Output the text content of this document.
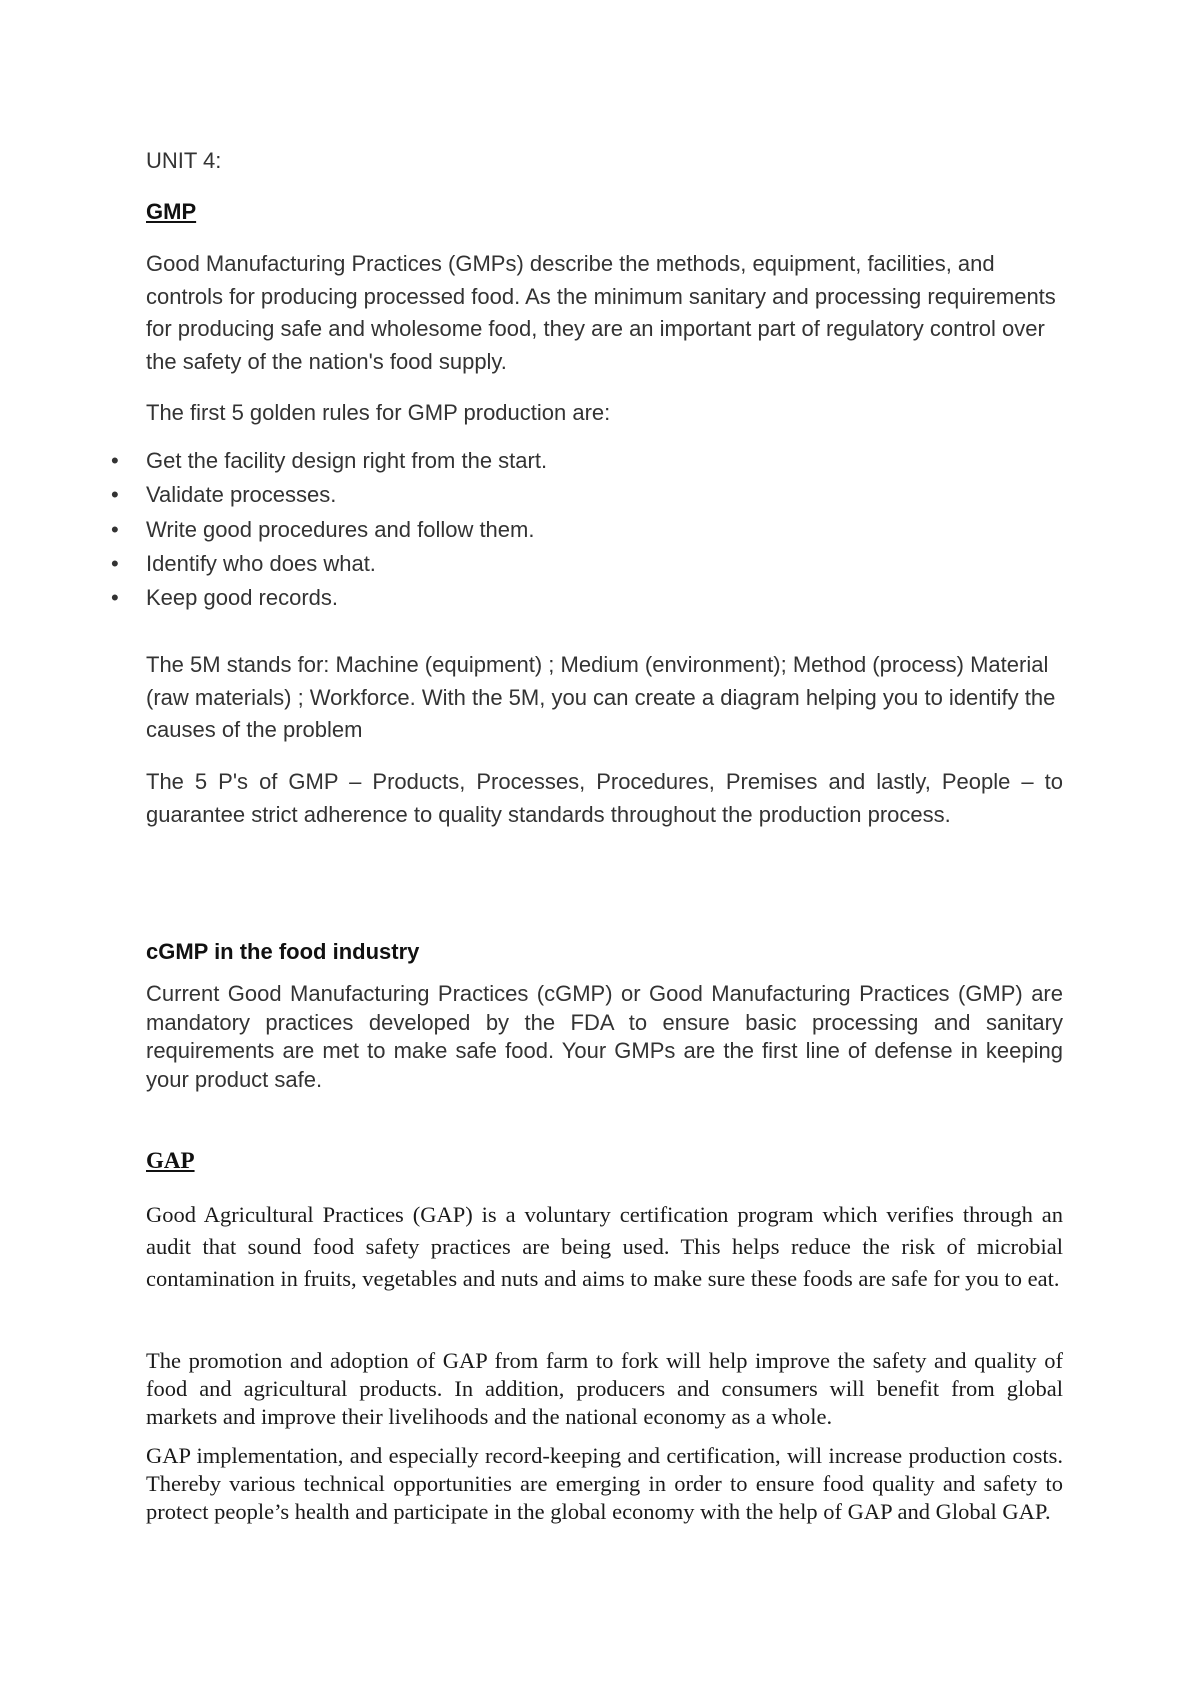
UNIT 4:

GMP

Good Manufacturing Practices (GMPs) describe the methods, equipment, facilities, and controls for producing processed food. As the minimum sanitary and processing requirements for producing safe and wholesome food, they are an important part of regulatory control over the safety of the nation's food supply.

The first 5 golden rules for GMP production are:

• Get the facility design right from the start.
• Validate processes.
• Write good procedures and follow them.
• Identify who does what.
• Keep good records.

The 5M stands for: Machine (equipment) ; Medium (environment); Method (process) Material (raw materials) ; Workforce. With the 5M, you can create a diagram helping you to identify the causes of the problem

The 5 P's of GMP – Products, Processes, Procedures, Premises and lastly, People – to guarantee strict adherence to quality standards throughout the production process.

cGMP in the food industry

Current Good Manufacturing Practices (cGMP) or Good Manufacturing Practices (GMP) are mandatory practices developed by the FDA to ensure basic processing and sanitary requirements are met to make safe food. Your GMPs are the first line of defense in keeping your product safe.

GAP

Good Agricultural Practices (GAP) is a voluntary certification program which verifies through an audit that sound food safety practices are being used. This helps reduce the risk of microbial contamination in fruits, vegetables and nuts and aims to make sure these foods are safe for you to eat.

The promotion and adoption of GAP from farm to fork will help improve the safety and quality of food and agricultural products. In addition, producers and consumers will benefit from global markets and improve their livelihoods and the national economy as a whole.

GAP implementation, and especially record-keeping and certification, will increase production costs. Thereby various technical opportunities are emerging in order to ensure food quality and safety to protect people’s health and participate in the global economy with the help of GAP and Global GAP.
